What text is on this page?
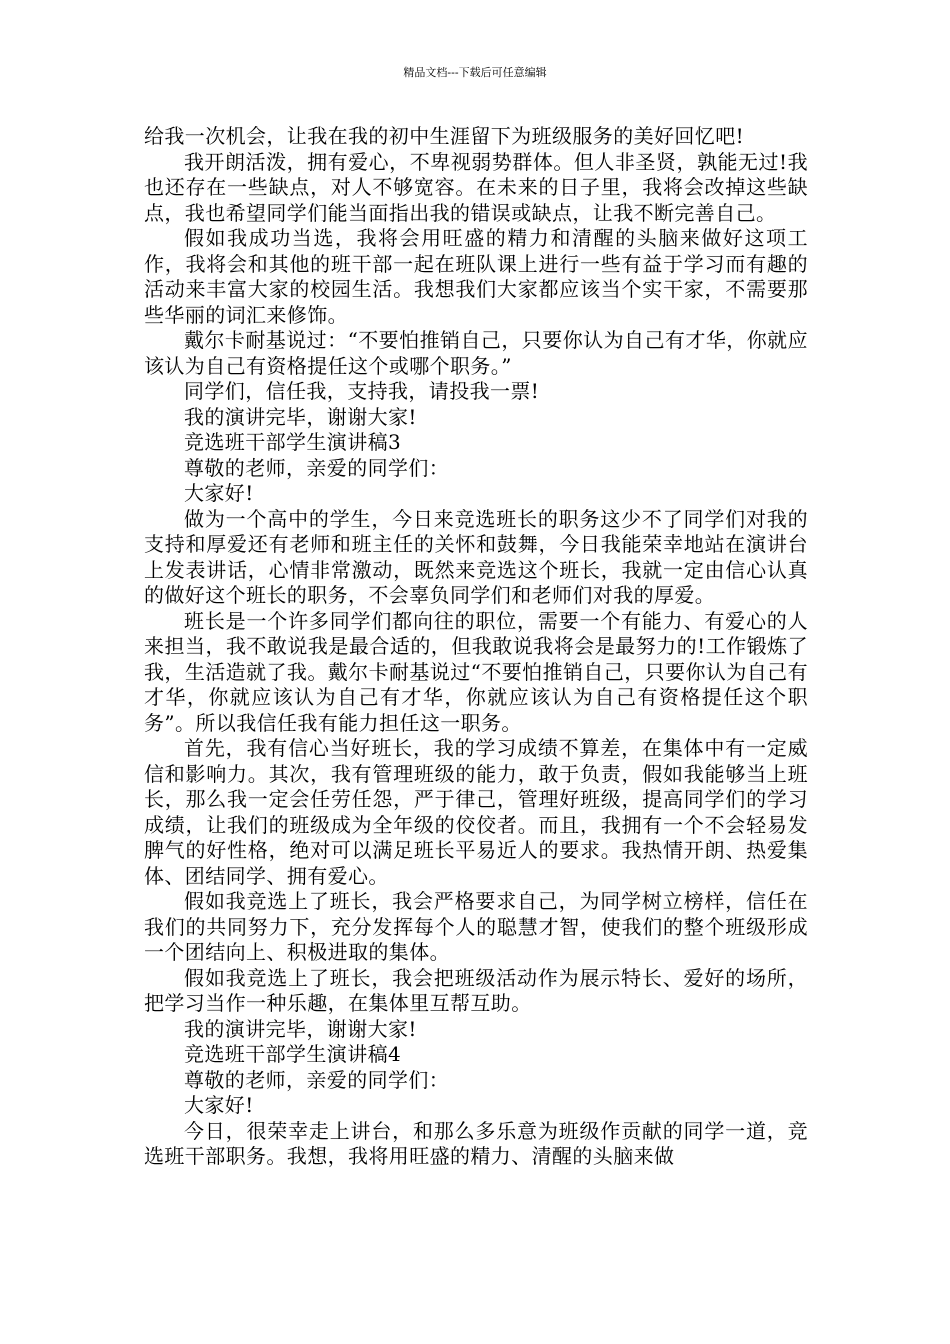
精品文档---下载后可任意编辑

给我一次机会，让我在我的初中生涯留下为班级服务的美好回忆吧!

我开朗活泼，拥有爱心，不卑视弱势群体。但人非圣贤，孰能无过!我也还存在一些缺点，对人不够宽容。在未来的日子里，我将会改掉这些缺点，我也希望同学们能当面指出我的错误或缺点，让我不断完善自己。

假如我成功当选，我将会用旺盛的精力和清醒的头脑来做好这项工作，我将会和其他的班干部一起在班队课上进行一些有益于学习而有趣的活动来丰富大家的校园生活。我想我们大家都应该当个实干家，不需要那些华丽的词汇来修饰。

戴尔卡耐基说过：“不要怕推销自己，只要你认为自己有才华，你就应该认为自己有资格提任这个或哪个职务。”

同学们，信任我，支持我，请投我一票!

我的演讲完毕，谢谢大家!

竞选班干部学生演讲稿3

尊敬的老师，亲爱的同学们：

大家好!

做为一个高中的学生，今日来竞选班长的职务这少不了同学们对我的支持和厚爱还有老师和班主任的关怀和鼓舞，今日我能荣幸地站在演讲台上发表讲话，心情非常激动，既然来竞选这个班长，我就一定由信心认真的做好这个班长的职务，不会辜负同学们和老师们对我的厚爱。

班长是一个许多同学们都向往的职位，需要一个有能力、有爱心的人来担当，我不敢说我是最合适的，但我敢说我将会是最努力的!工作锻炼了我，生活造就了我。戴尔卡耐基说过“不要怕推销自己，只要你认为自己有才华，你就应该认为自己有才华，你就应该认为自己有资格提任这个职务”。所以我信任我有能力担任这一职务。

首先，我有信心当好班长，我的学习成绩不算差，在集体中有一定威信和影响力。其次，我有管理班级的能力，敢于负责，假如我能够当上班长，那么我一定会任劳任怨，严于律己，管理好班级，提高同学们的学习成绩，让我们的班级成为全年级的佼佼者。而且，我拥有一个不会轻易发脾气的好性格，绝对可以满足班长平易近人的要求。我热情开朗、热爱集体、团结同学、拥有爱心。

假如我竞选上了班长，我会严格要求自己，为同学树立榜样，信任在我们的共同努力下，充分发挥每个人的聪慧才智，使我们的整个班级形成一个团结向上、积极进取的集体。

假如我竞选上了班长，我会把班级活动作为展示特长、爱好的场所，把学习当作一种乐趣，在集体里互帮互助。

我的演讲完毕，谢谢大家!

竞选班干部学生演讲稿4

尊敬的老师，亲爱的同学们：

大家好!

今日，很荣幸走上讲台，和那么多乐意为班级作贡献的同学一道，竞选班干部职务。我想，我将用旺盛的精力、清醒的头脑来做
